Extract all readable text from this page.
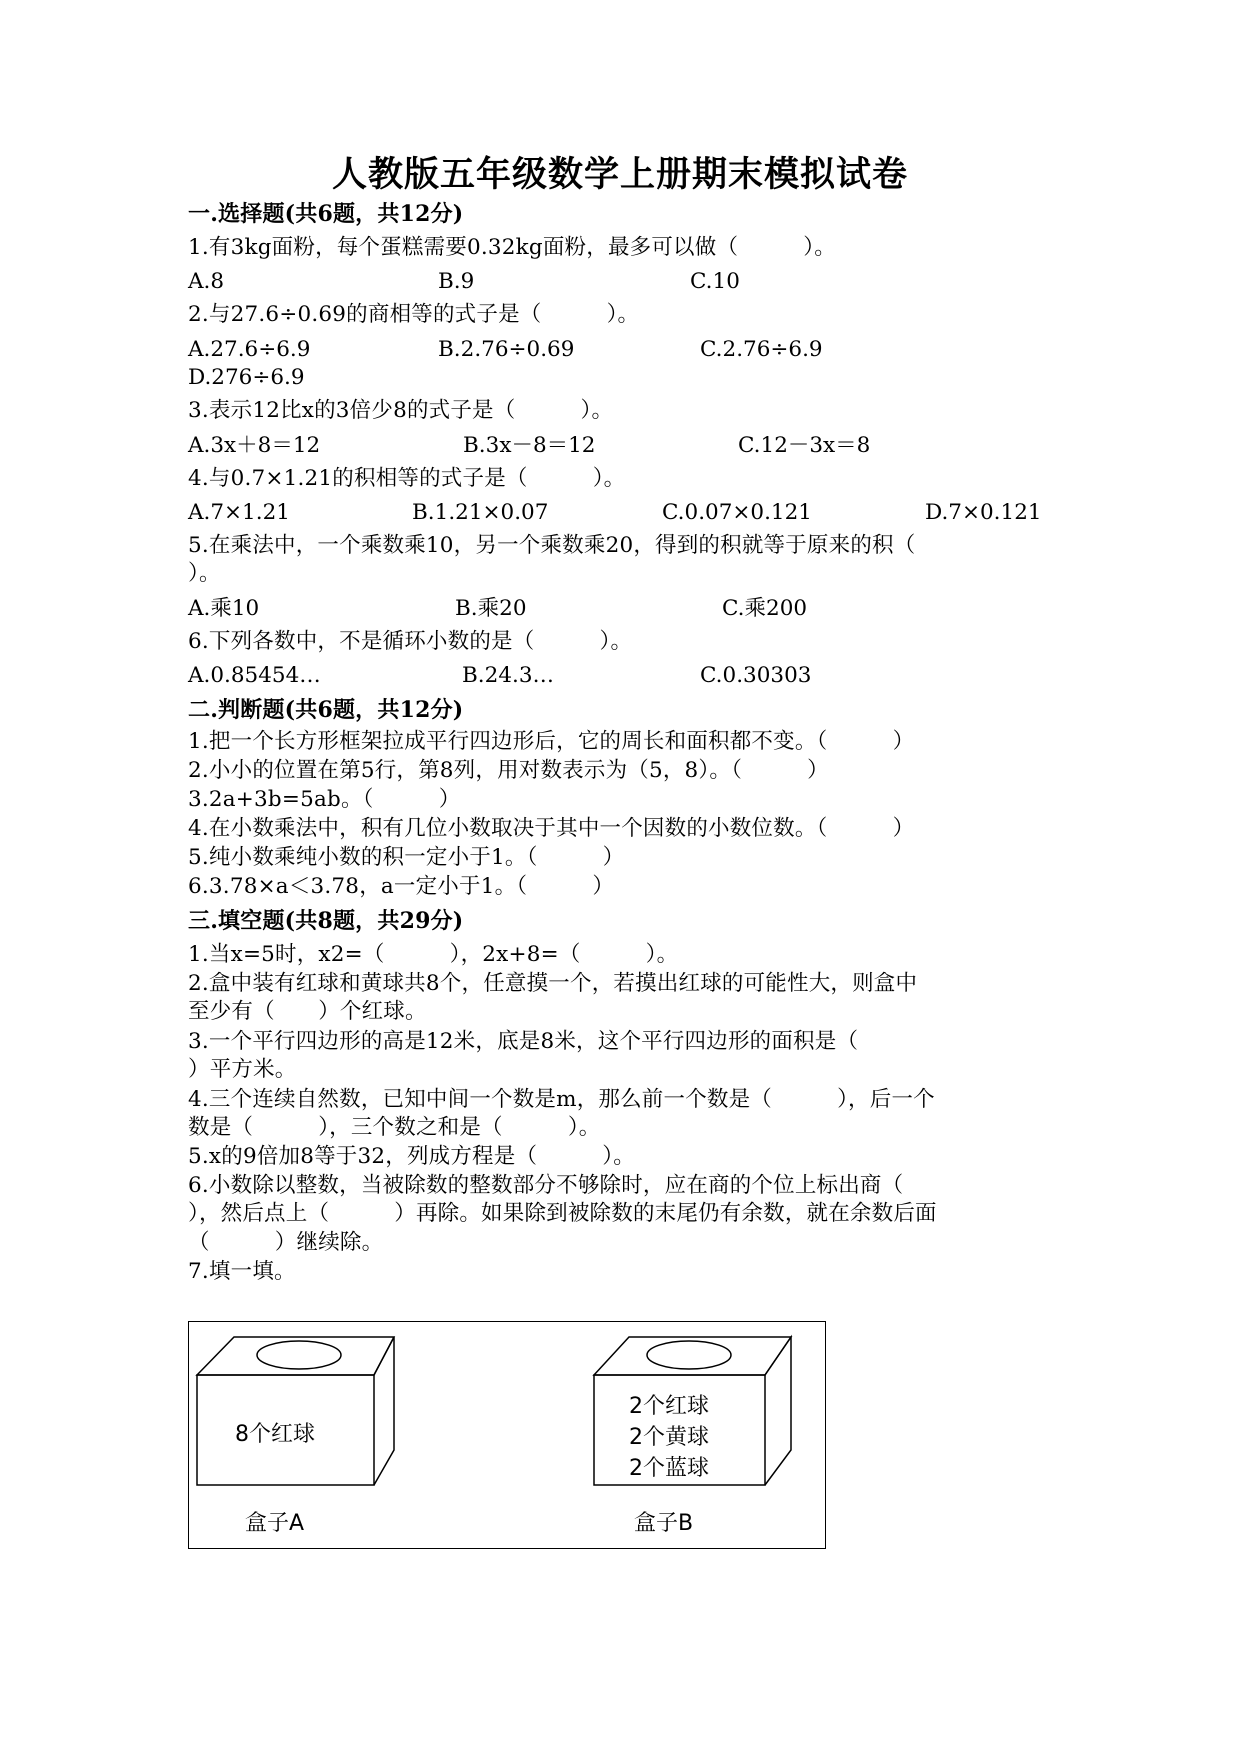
人教版五年级数学上册期末模拟试卷

一.选择题(共6题，共12分)

1.有3kg面粉，每个蛋糕需要0.32kg面粉，最多可以做（　　　）。

A.8	B.9	C.10

2.与27.6÷0.69的商相等的式子是（　　　）。

A.27.6÷6.9	B.2.76÷0.69	C.2.76÷6.9

D.276÷6.9

3.表示12比x的3倍少8的式子是（　　　）。

A.3x＋8＝12	B.3x－8＝12	C.12－3x＝8

4.与0.7×1.21的积相等的式子是（　　　）。

A.7×1.21	B.1.21×0.07	C.0.07×0.121	D.7×0.121

5.在乘法中，一个乘数乘10，另一个乘数乘20，得到的积就等于原来的积（

）。

A.乘10	B.乘20	C.乘200

6.下列各数中，不是循环小数的是（　　　）。

A.0.85454…	B.24.3…	C.0.30303

二.判断题(共6题，共12分)

1.把一个长方形框架拉成平行四边形后，它的周长和面积都不变。（　　　）

2.小小的位置在第5行，第8列，用对数表示为（5，8）。（　　　）

3.2a+3b=5ab。（　　　）

4.在小数乘法中，积有几位小数取决于其中一个因数的小数位数。（　　　）

5.纯小数乘纯小数的积一定小于1。（　　　）

6.3.78×a＜3.78，a一定小于1。（　　　）

三.填空题(共8题，共29分)

1.当x=5时，x2=（　　　），2x+8=（　　　）。

2.盒中装有红球和黄球共8个，任意摸一个，若摸出红球的可能性大，则盒中

至少有（　　）个红球。

3.一个平行四边形的高是12米，底是8米，这个平行四边形的面积是（

）平方米。

4.三个连续自然数，已知中间一个数是m，那么前一个数是（　　　），后一个

数是（　　　），三个数之和是（　　　）。

5.x的9倍加8等于32，列成方程是（　　　）。

6.小数除以整数，当被除数的整数部分不够除时，应在商的个位上标出商（

），然后点上（　　　）再除。如果除到被除数的末尾仍有余数，就在余数后面

（　　　）继续除。

7.填一填。

8个红球
盒子A
2个红球
2个黄球
2个蓝球
盒子B
